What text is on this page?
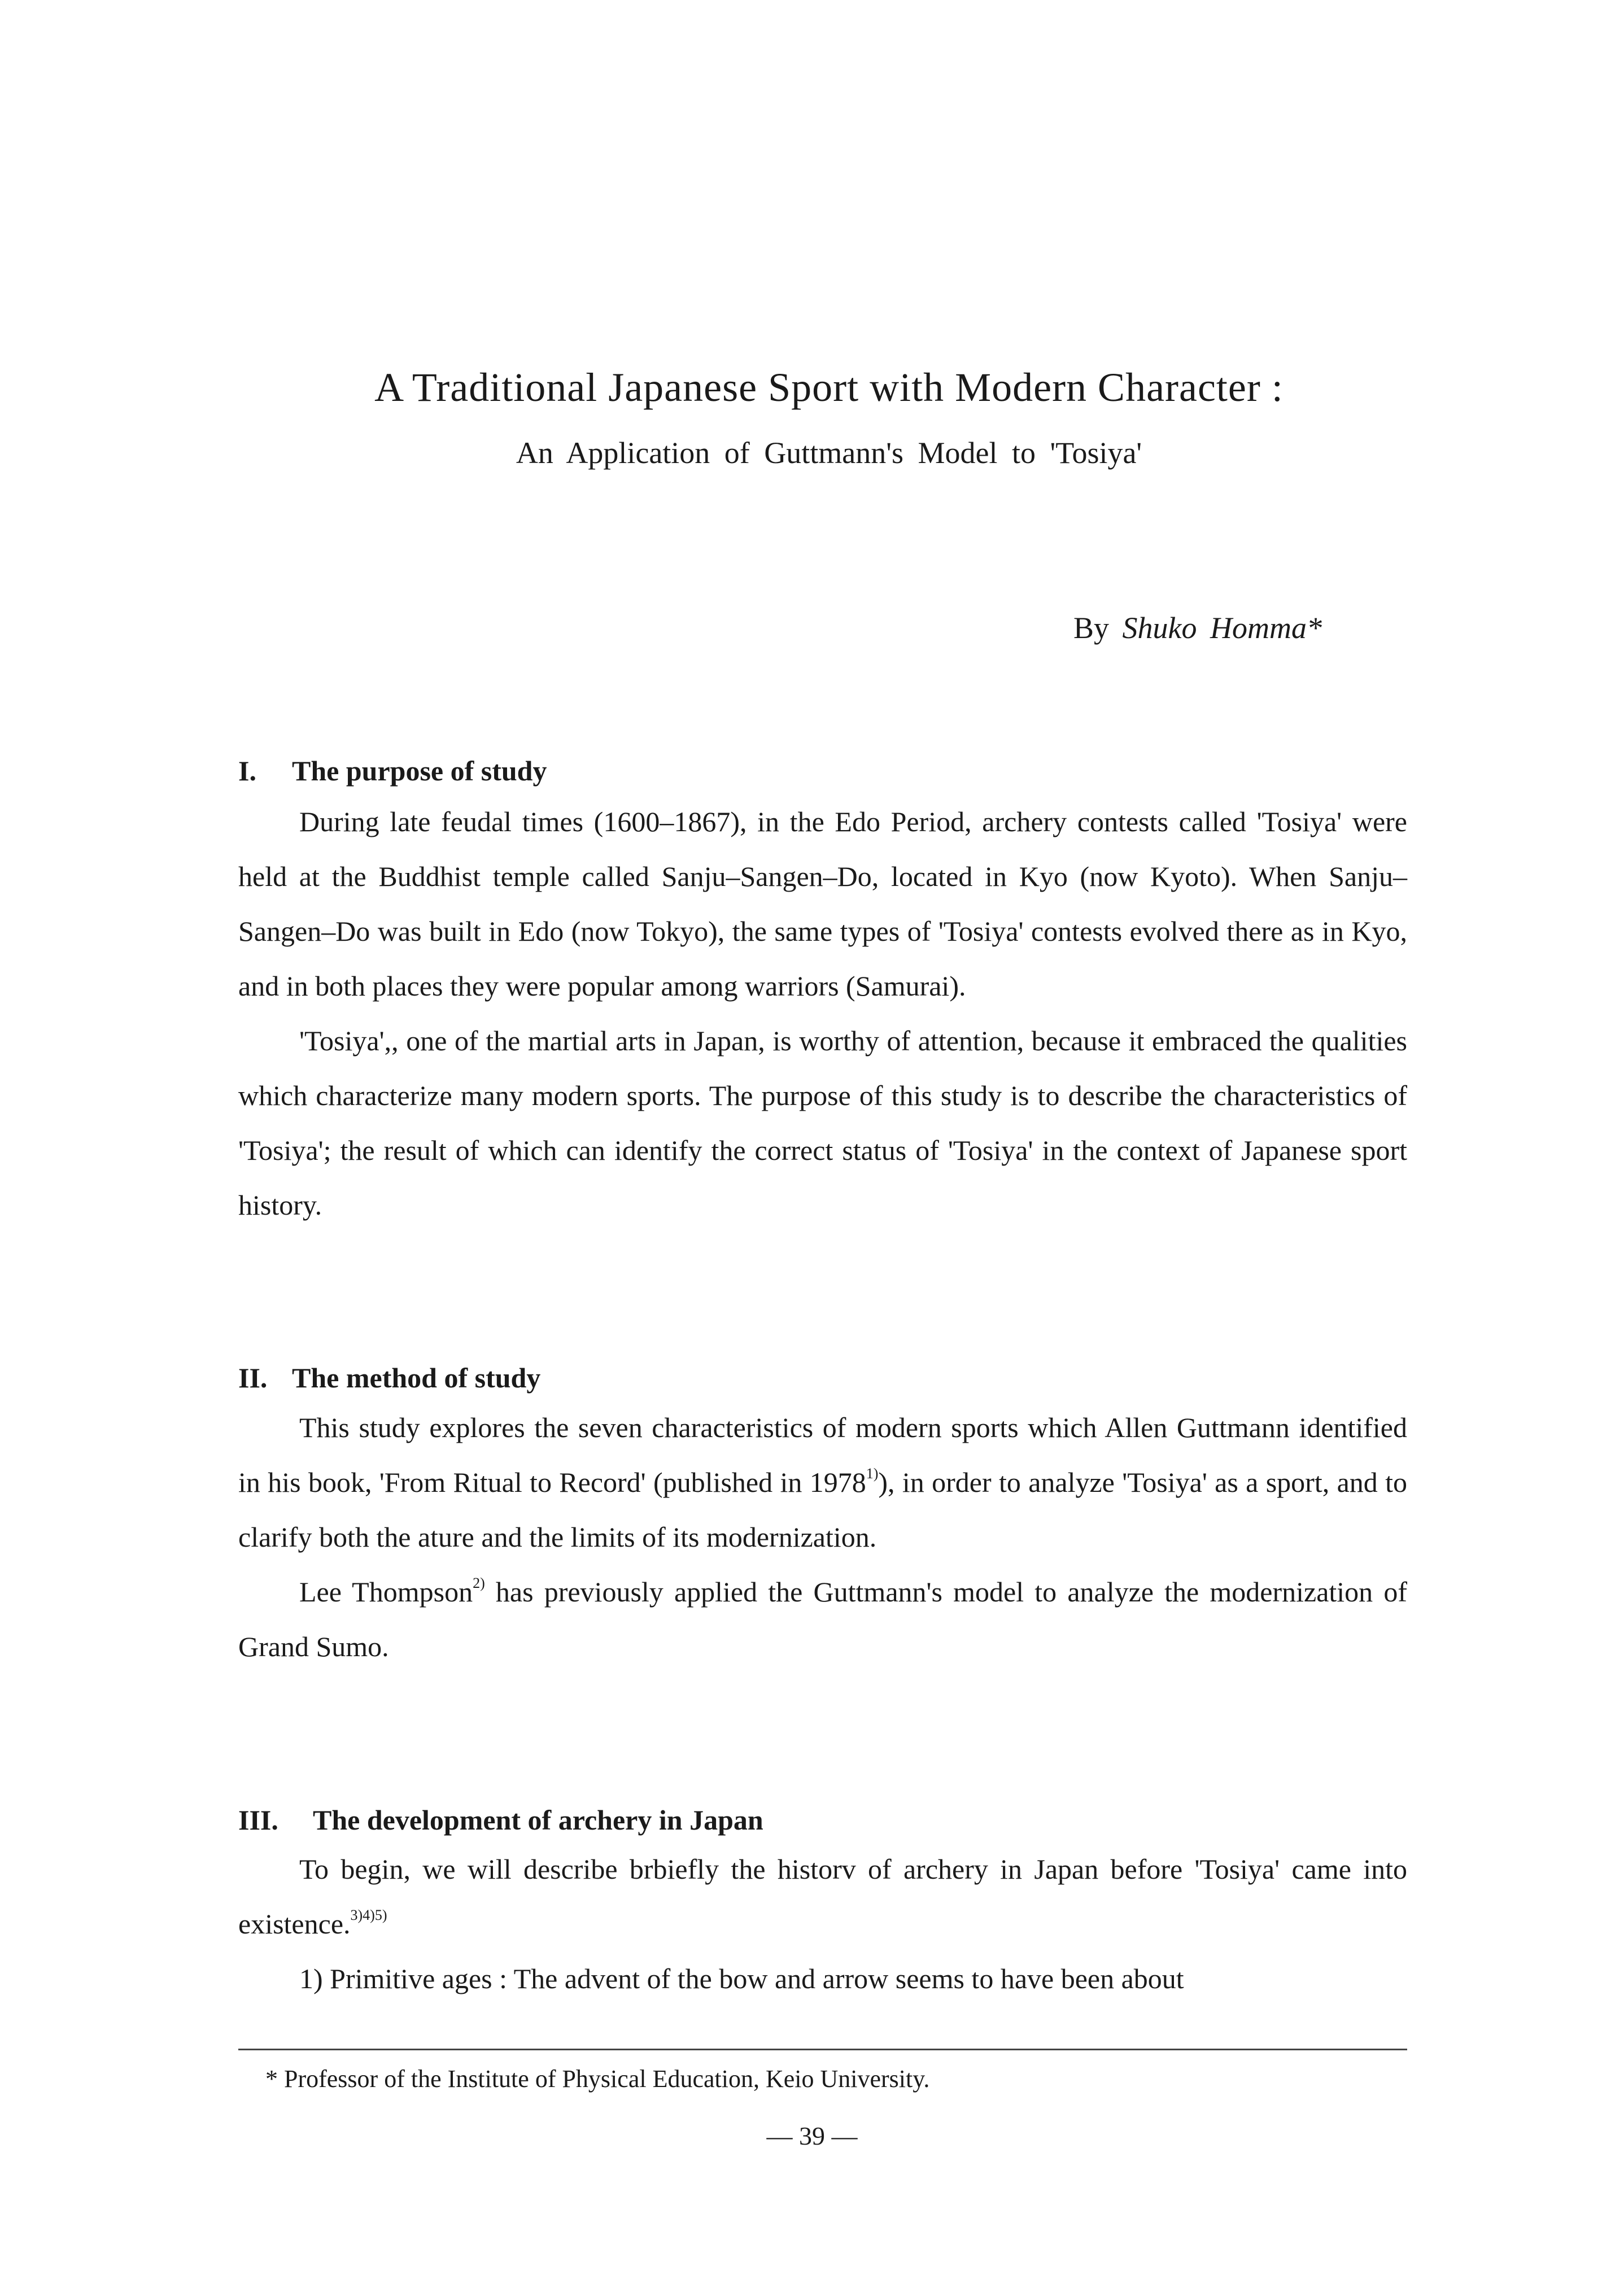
A Traditional Japanese Sport with Modern Character :
An Application of Guttmann's Model to 'Tosiya'
By Shuko Homma*
I. The purpose of study

During late feudal times (1600–1867), in the Edo Period, archery contests called 'Tosiya' were held at the Buddhist temple called Sanju–Sangen–Do, located in Kyo (now Kyoto). When Sanju–Sangen–Do was built in Edo (now Tokyo), the same types of 'Tosiya' contests evolved there as in Kyo, and in both places they were popular among warriors (Samurai).

'Tosiya',, one of the martial arts in Japan, is worthy of attention, because it embraced the qualities which characterize many modern sports. The purpose of this study is to describe the characteristics of 'Tosiya'; the result of which can identify the correct status of 'Tosiya' in the context of Japanese sport history.

II. The method of study

This study explores the seven characteristics of modern sports which Allen Guttmann identified in his book, 'From Ritual to Record' (published in 1978$^{1)}$), in order to analyze 'Tosiya' as a sport, and to clarify both the ature and the limits of its modernization.

Lee Thompson$^{2)}$ has previously applied the Guttmann's model to analyze the modernization of Grand Sumo.

III. The development of archery in Japan

To begin, we will describe brbiefly the historv of archery in Japan before 'Tosiya' came into existence.$^{3)4)5)}$

1) Primitive ages : The advent of the bow and arrow seems to have been about

* Professor of the Institute of Physical Education, Keio University.
— 39 —
